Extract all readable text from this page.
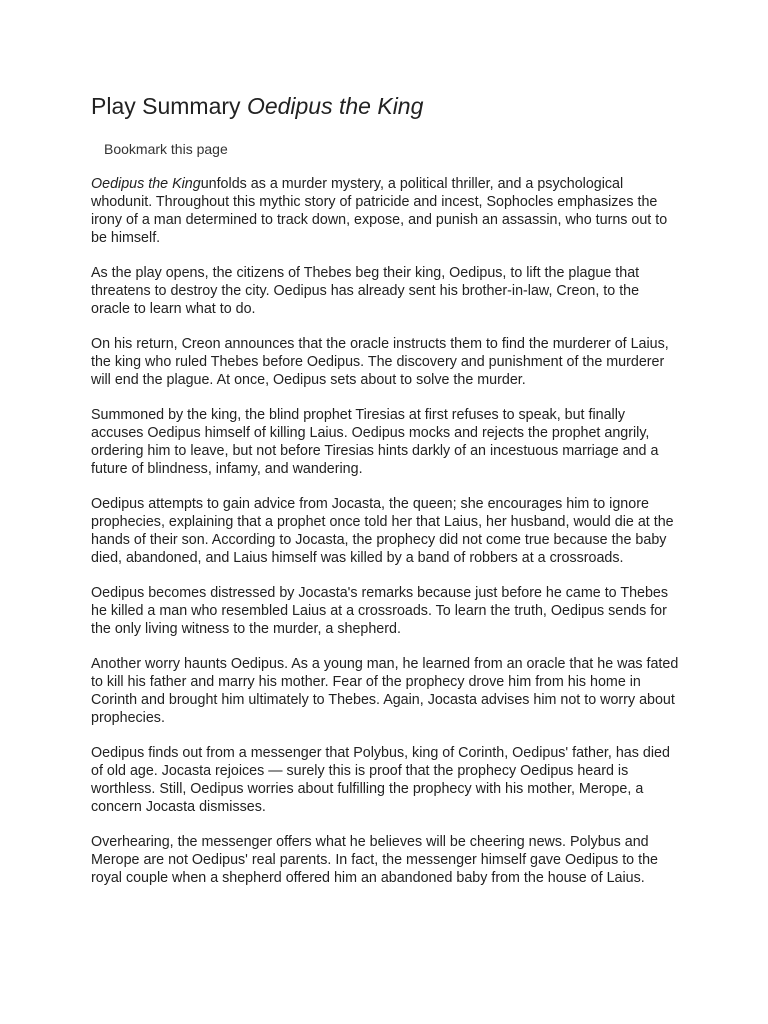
Play Summary Oedipus the King
Bookmark this page

Oedipus the Kingunfolds as a murder mystery, a political thriller, and a psychological whodunit. Throughout this mythic story of patricide and incest, Sophocles emphasizes the irony of a man determined to track down, expose, and punish an assassin, who turns out to be himself.

As the play opens, the citizens of Thebes beg their king, Oedipus, to lift the plague that threatens to destroy the city. Oedipus has already sent his brother-in-law, Creon, to the oracle to learn what to do.

On his return, Creon announces that the oracle instructs them to find the murderer of Laius, the king who ruled Thebes before Oedipus. The discovery and punishment of the murderer will end the plague. At once, Oedipus sets about to solve the murder.

Summoned by the king, the blind prophet Tiresias at first refuses to speak, but finally accuses Oedipus himself of killing Laius. Oedipus mocks and rejects the prophet angrily, ordering him to leave, but not before Tiresias hints darkly of an incestuous marriage and a future of blindness, infamy, and wandering.

Oedipus attempts to gain advice from Jocasta, the queen; she encourages him to ignore prophecies, explaining that a prophet once told her that Laius, her husband, would die at the hands of their son. According to Jocasta, the prophecy did not come true because the baby died, abandoned, and Laius himself was killed by a band of robbers at a crossroads.

Oedipus becomes distressed by Jocasta's remarks because just before he came to Thebes he killed a man who resembled Laius at a crossroads. To learn the truth, Oedipus sends for the only living witness to the murder, a shepherd.

Another worry haunts Oedipus. As a young man, he learned from an oracle that he was fated to kill his father and marry his mother. Fear of the prophecy drove him from his home in Corinth and brought him ultimately to Thebes. Again, Jocasta advises him not to worry about prophecies.

Oedipus finds out from a messenger that Polybus, king of Corinth, Oedipus' father, has died of old age. Jocasta rejoices — surely this is proof that the prophecy Oedipus heard is worthless. Still, Oedipus worries about fulfilling the prophecy with his mother, Merope, a concern Jocasta dismisses.

Overhearing, the messenger offers what he believes will be cheering news. Polybus and Merope are not Oedipus' real parents. In fact, the messenger himself gave Oedipus to the royal couple when a shepherd offered him an abandoned baby from the house of Laius.
